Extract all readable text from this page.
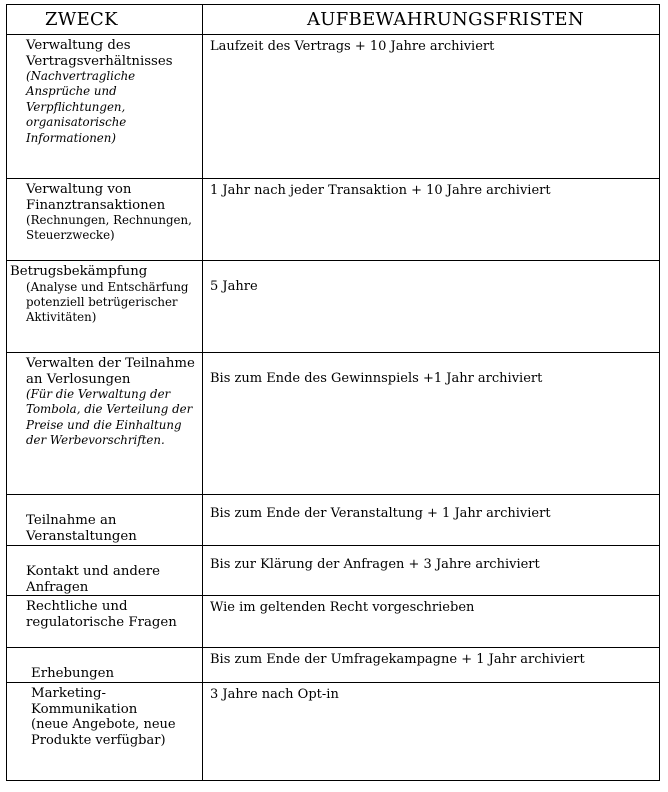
ZWECK	AUFBEWAHRUNGSFRISTEN

Verwaltung des Vertragsverhältnisses
(Nachvertragliche Ansprüche und Verpflichtungen, organisatorische Informationen)	Laufzeit des Vertrags + 10 Jahre archiviert

Verwaltung von Finanztransaktionen
(Rechnungen, Rechnungen, Steuerzwecke)	1 Jahr nach jeder Transaktion + 10 Jahre archiviert

Betrugsbekämpfung
(Analyse und Entschärfung potenziell betrügerischer Aktivitäten)	5 Jahre

Verwalten der Teilnahme an Verlosungen
(Für die Verwaltung der Tombola, die Verteilung der Preise und die Einhaltung der Werbevorschriften.	Bis zum Ende des Gewinnspiels +1 Jahr archiviert

Teilnahme an Veranstaltungen	Bis zum Ende der Veranstaltung + 1 Jahr archiviert

Kontakt und andere Anfragen	Bis zur Klärung der Anfragen + 3 Jahre archiviert

Rechtliche und regulatorische Fragen	Wie im geltenden Recht vorgeschrieben

Erhebungen	Bis zum Ende der Umfragekampagne + 1 Jahr archiviert

Marketing-Kommunikation
(neue Angebote, neue Produkte verfügbar)	3 Jahre nach Opt-in
